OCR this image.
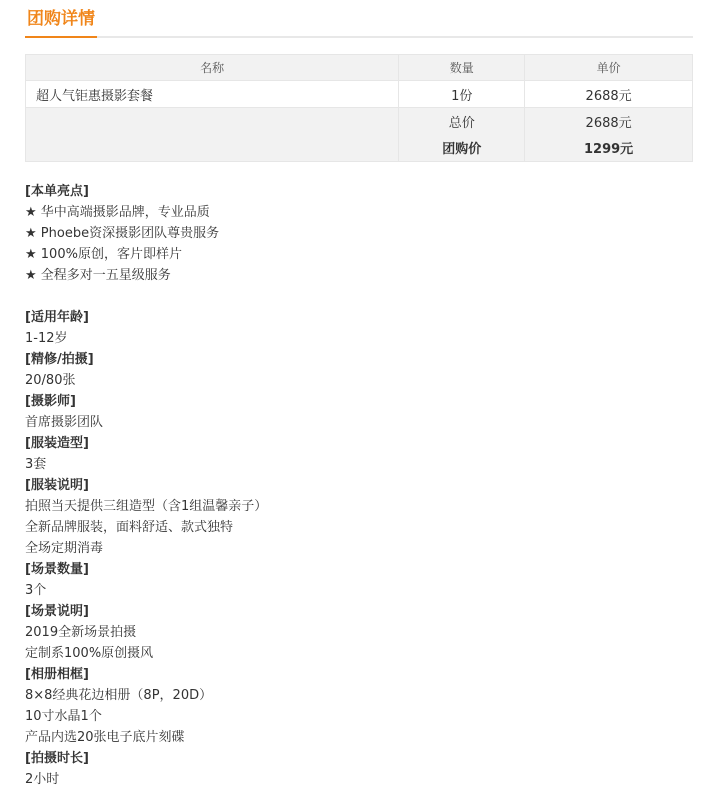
团购详情
名称	数量	单价
超人气钜惠摄影套餐	1份	2688元
	总价	2688元
	团购价	1299元
[本单亮点]
★ 华中高端摄影品牌，专业品质
★ Phoebe资深摄影团队尊贵服务
★ 100%原创，客片即样片
★ 全程多对一五星级服务
[适用年龄]
1-12岁
[精修/拍摄]
20/80张
[摄影师]
首席摄影团队
[服装造型]
3套
[服装说明]
拍照当天提供三组造型（含1组温馨亲子）
全新品牌服装，面料舒适、款式独特
全场定期消毒
[场景数量]
3个
[场景说明]
2019全新场景拍摄
定制系100%原创摄风
[相册相框]
8×8经典花边相册（8P，20D）
10寸水晶1个
产品内选20张电子底片刻碟
[拍摄时长]
2小时
